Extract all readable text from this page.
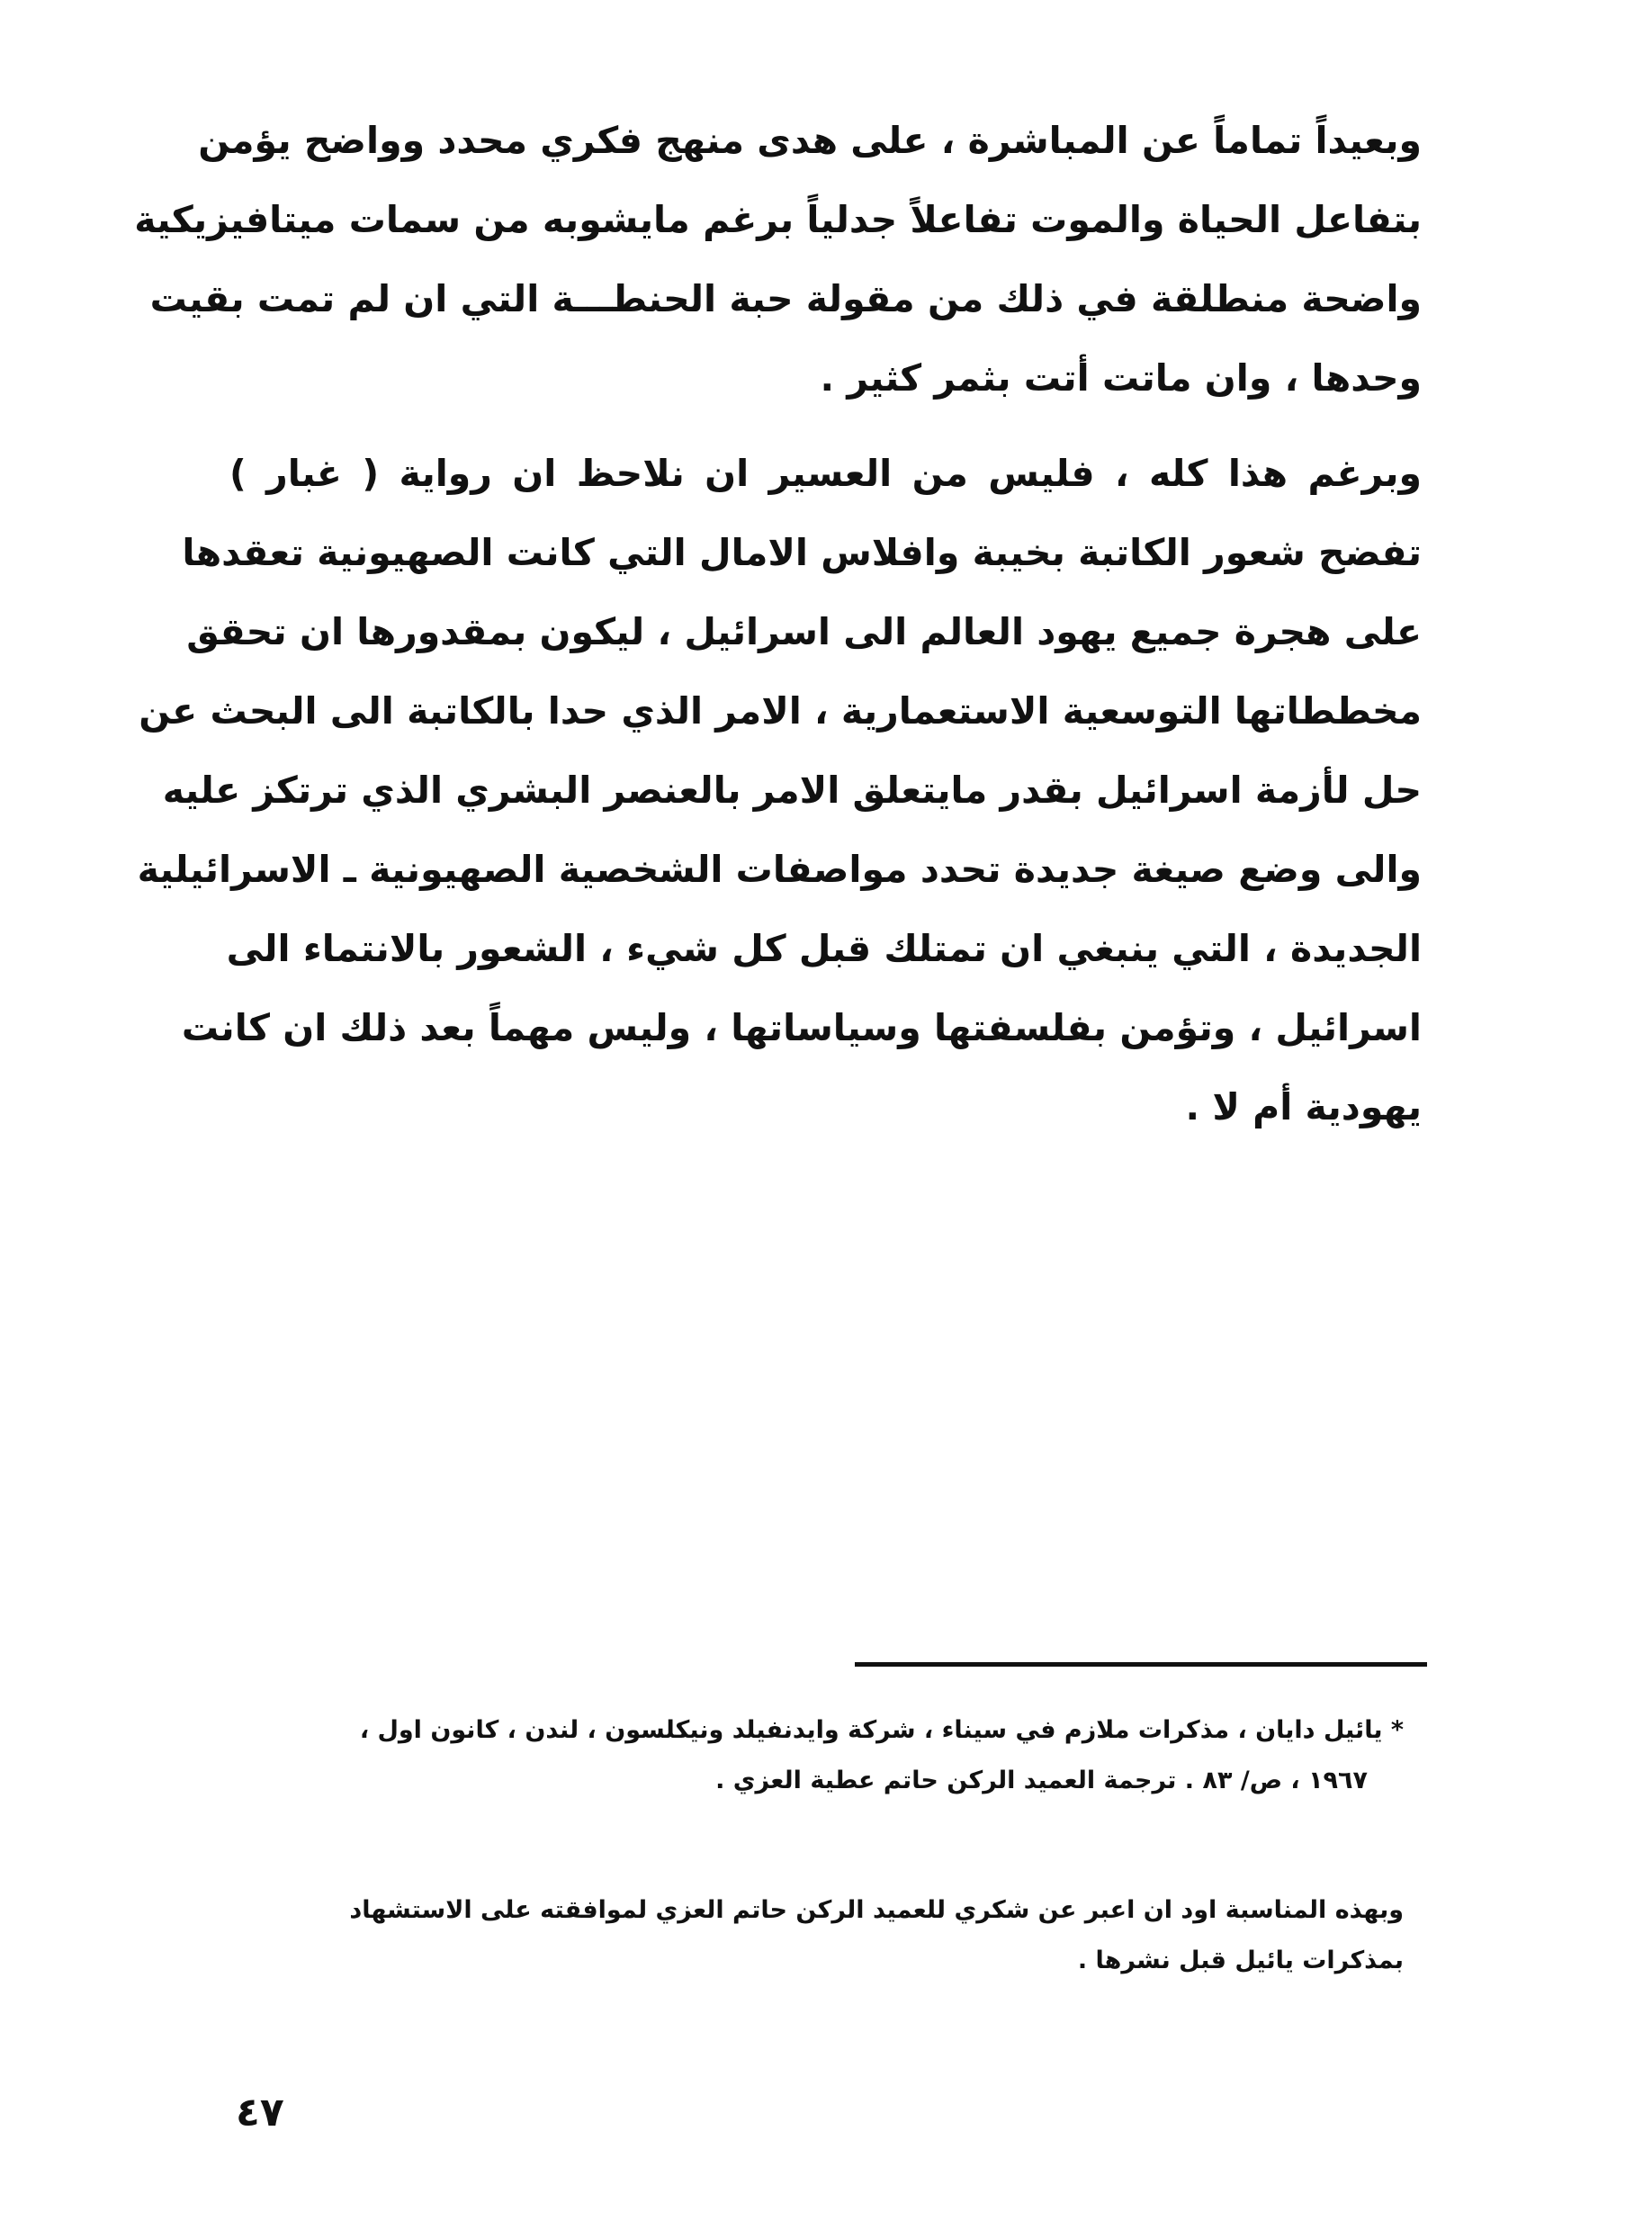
وبعيداً تماماً عن المباشرة ، على هدى منهج فكري محدد وواضح يؤمن
بتفاعل الحياة والموت تفاعلاً جدلياً برغم مايشوبه من سمات ميتافيزيكية
واضحة منطلقة في ذلك من مقولة حبة الحنطـــة التي ان لم تمت بقيت
وحدها ، وان ماتت أتت بثمر كثير .
وبرغم هذا كله ، فليس من العسير ان نلاحظ ان رواية ( غبار )
تفضح شعور الكاتبة بخيبة وافلاس الامال التي كانت الصهيونية تعقدها
على هجرة جميع يهود العالم الى اسرائيل ، ليكون بمقدورها ان تحقق
مخططاتها التوسعية الاستعمارية ، الامر الذي حدا بالكاتبة الى البحث عن
حل لأزمة اسرائيل بقدر مايتعلق الامر بالعنصر البشري الذي ترتكز عليه
والى وضع صيغة جديدة تحدد مواصفات الشخصية الصهيونية ـ الاسرائيلية
الجديدة ، التي ينبغي ان تمتلك قبل كل شيء ، الشعور بالانتماء الى
اسرائيل ، وتؤمن بفلسفتها وسياساتها ، وليس مهماً بعد ذلك ان كانت
يهودية أم لا .
* يائيل دايان ، مذكرات ملازم في سيناء ، شركة وايدنفيلد ونيكلسون ، لندن ، كانون اول ،
١٩٦٧ ، ص/ ٨٣ . ترجمة العميد الركن حاتم عطية العزي .
وبهذه المناسبة اود ان اعبر عن شكري للعميد الركن حاتم العزي لموافقته على الاستشهاد
بمذكرات يائيل قبل نشرها .
٤٧
